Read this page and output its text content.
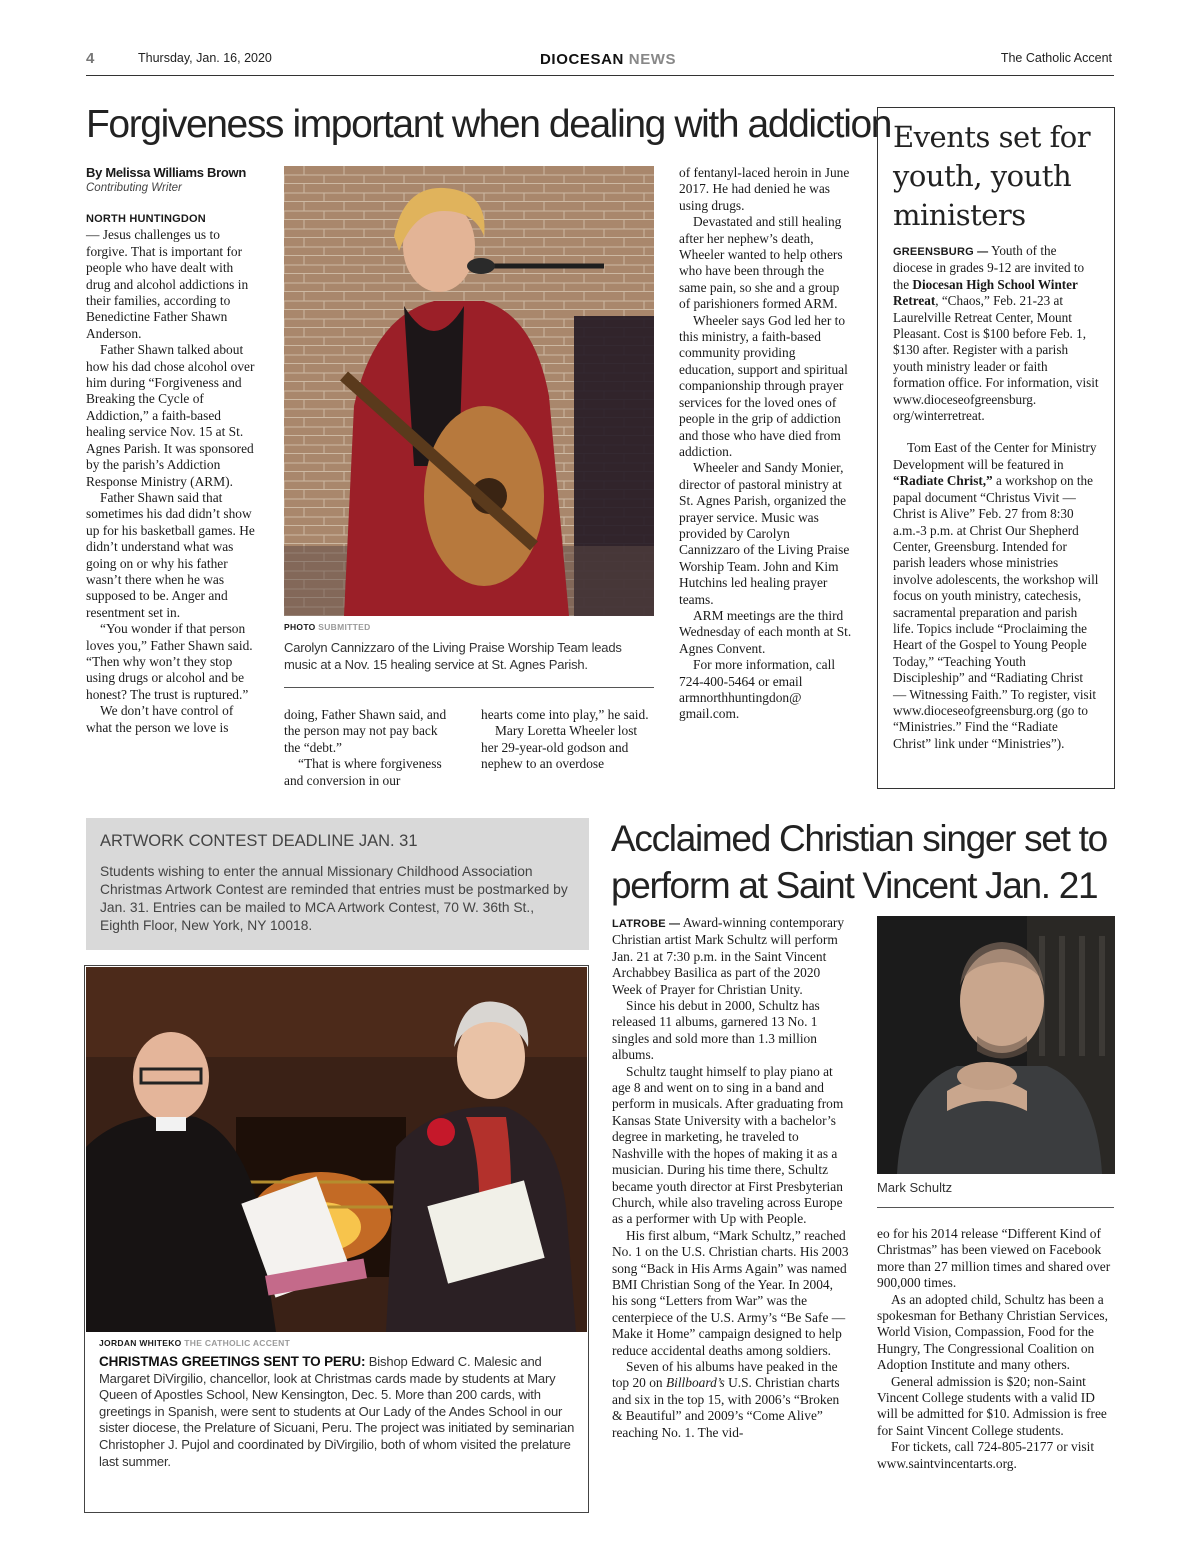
4	Thursday, Jan. 16, 2020	DIOCESAN NEWS	The Catholic Accent
Forgiveness important when dealing with addiction
By Melissa Williams Brown
Contributing Writer
NORTH HUNTINGDON

— Jesus challenges us to forgive. That is important for people who have dealt with drug and alcohol addictions in their families, according to Benedictine Father Shawn Anderson.

Father Shawn talked about how his dad chose alcohol over him during “Forgiveness and Breaking the Cycle of Addiction,” a faith-based healing service Nov. 15 at St. Agnes Parish. It was sponsored by the parish’s Addiction Response Ministry (ARM).

Father Shawn said that sometimes his dad didn’t show up for his basketball games. He didn’t understand what was going on or why his father wasn’t there when he was supposed to be. Anger and resentment set in.

“You wonder if that person loves you,” Father Shawn said. “Then why won’t they stop using drugs or alcohol and be honest? The trust is ruptured.”

We don’t have control of what the person we love is

PHOTO SUBMITTED
Carolyn Cannizzaro of the Living Praise Worship Team leads music at a Nov. 15 healing service at St. Agnes Parish.

doing, Father Shawn said, and the person may not pay back the “debt.”

“That is where forgiveness and conversion in our

hearts come into play,” he said.

Mary Loretta Wheeler lost her 29-year-old godson and nephew to an overdose

of fentanyl-laced heroin in June 2017. He had denied he was using drugs.

Devastated and still healing after her nephew’s death, Wheeler wanted to help others who have been through the same pain, so she and a group of parishioners formed ARM.

Wheeler says God led her to this ministry, a faith-based community providing education, support and spiritual companionship through prayer services for the loved ones of people in the grip of addiction and those who have died from addiction.

Wheeler and Sandy Monier, director of pastoral ministry at St. Agnes Parish, organized the prayer service. Music was provided by Carolyn Cannizzaro of the Living Praise Worship Team. John and Kim Hutchins led healing prayer teams.

ARM meetings are the third Wednesday of each month at St. Agnes Convent.

For more information, call 724-400-5464 or email armnorthhuntingdon@ gmail.com.

Events set for youth, youth ministers

GREENSBURG — Youth of the diocese in grades 9-12 are invited to the Diocesan High School Winter Retreat, “Chaos,” Feb. 21-23 at Laurelville Retreat Center, Mount Pleasant. Cost is $100 before Feb. 1, $130 after. Register with a parish youth ministry leader or faith formation office. For information, visit www.dioceseofgreensburg. org/winterretreat.

Tom East of the Center for Ministry Development will be featured in “Radiate Christ,” a workshop on the papal document “Christus Vivit — Christ is Alive” Feb. 27 from 8:30 a.m.-3 p.m. at Christ Our Shepherd Center, Greensburg. Intended for parish leaders whose ministries involve adolescents, the workshop will focus on youth ministry, catechesis, sacramental preparation and parish life. Topics include “Proclaiming the Heart of the Gospel to Young People Today,” “Teaching Youth Discipleship” and “Radiating Christ — Witnessing Faith.” To register, visit www.dioceseofgreensburg.org (go to “Ministries.” Find the “Radiate Christ” link under “Ministries”).

ARTWORK CONTEST DEADLINE JAN. 31
Students wishing to enter the annual Missionary Childhood Association Christmas Artwork Contest are reminded that entries must be postmarked by Jan. 31. Entries can be mailed to MCA Artwork Contest, 70 W. 36th St., Eighth Floor, New York, NY 10018.
JORDAN WHITEKO THE CATHOLIC ACCENT
CHRISTMAS GREETINGS SENT TO PERU: Bishop Edward C. Malesic and Margaret DiVirgilio, chancellor, look at Christmas cards made by students at Mary Queen of Apostles School, New Kensington, Dec. 5. More than 200 cards, with greetings in Spanish, were sent to students at Our Lady of the Andes School in our sister diocese, the Prelature of Sicuani, Peru. The project was initiated by seminarian Christopher J. Pujol and coordinated by DiVirgilio, both of whom visited the prelature last summer.
Acclaimed Christian singer set to perform at Saint Vincent Jan. 21

LATROBE — Award-winning contemporary Christian artist Mark Schultz will perform Jan. 21 at 7:30 p.m. in the Saint Vincent Archabbey Basilica as part of the 2020 Week of Prayer for Christian Unity.

Since his debut in 2000, Schultz has released 11 albums, garnered 13 No. 1 singles and sold more than 1.3 million albums.

Schultz taught himself to play piano at age 8 and went on to sing in a band and perform in musicals. After graduating from Kansas State University with a bachelor’s degree in marketing, he traveled to Nashville with the hopes of making it as a musician. During his time there, Schultz became youth director at First Presbyterian Church, while also traveling across Europe as a performer with Up with People.

His first album, “Mark Schultz,” reached No. 1 on the U.S. Christian charts. His 2003 song “Back in His Arms Again” was named BMI Christian Song of the Year. In 2004, his song “Letters from War” was the centerpiece of the U.S. Army’s “Be Safe — Make it Home” campaign designed to help reduce accidental deaths among soldiers.

Seven of his albums have peaked in the top 20 on Billboard’s U.S. Christian charts and six in the top 15, with 2006’s “Broken & Beautiful” and 2009’s “Come Alive” reaching No. 1. The vid-

Mark Schultz

eo for his 2014 release “Different Kind of Christmas” has been viewed on Facebook more than 27 million times and shared over 900,000 times.

As an adopted child, Schultz has been a spokesman for Bethany Christian Services, World Vision, Compassion, Food for the Hungry, The Congressional Coalition on Adoption Institute and many others.

General admission is $20; non-Saint Vincent College students with a valid ID will be admitted for $10. Admission is free for Saint Vincent College students.

For tickets, call 724-805-2177 or visit www.saintvincentarts.org.
